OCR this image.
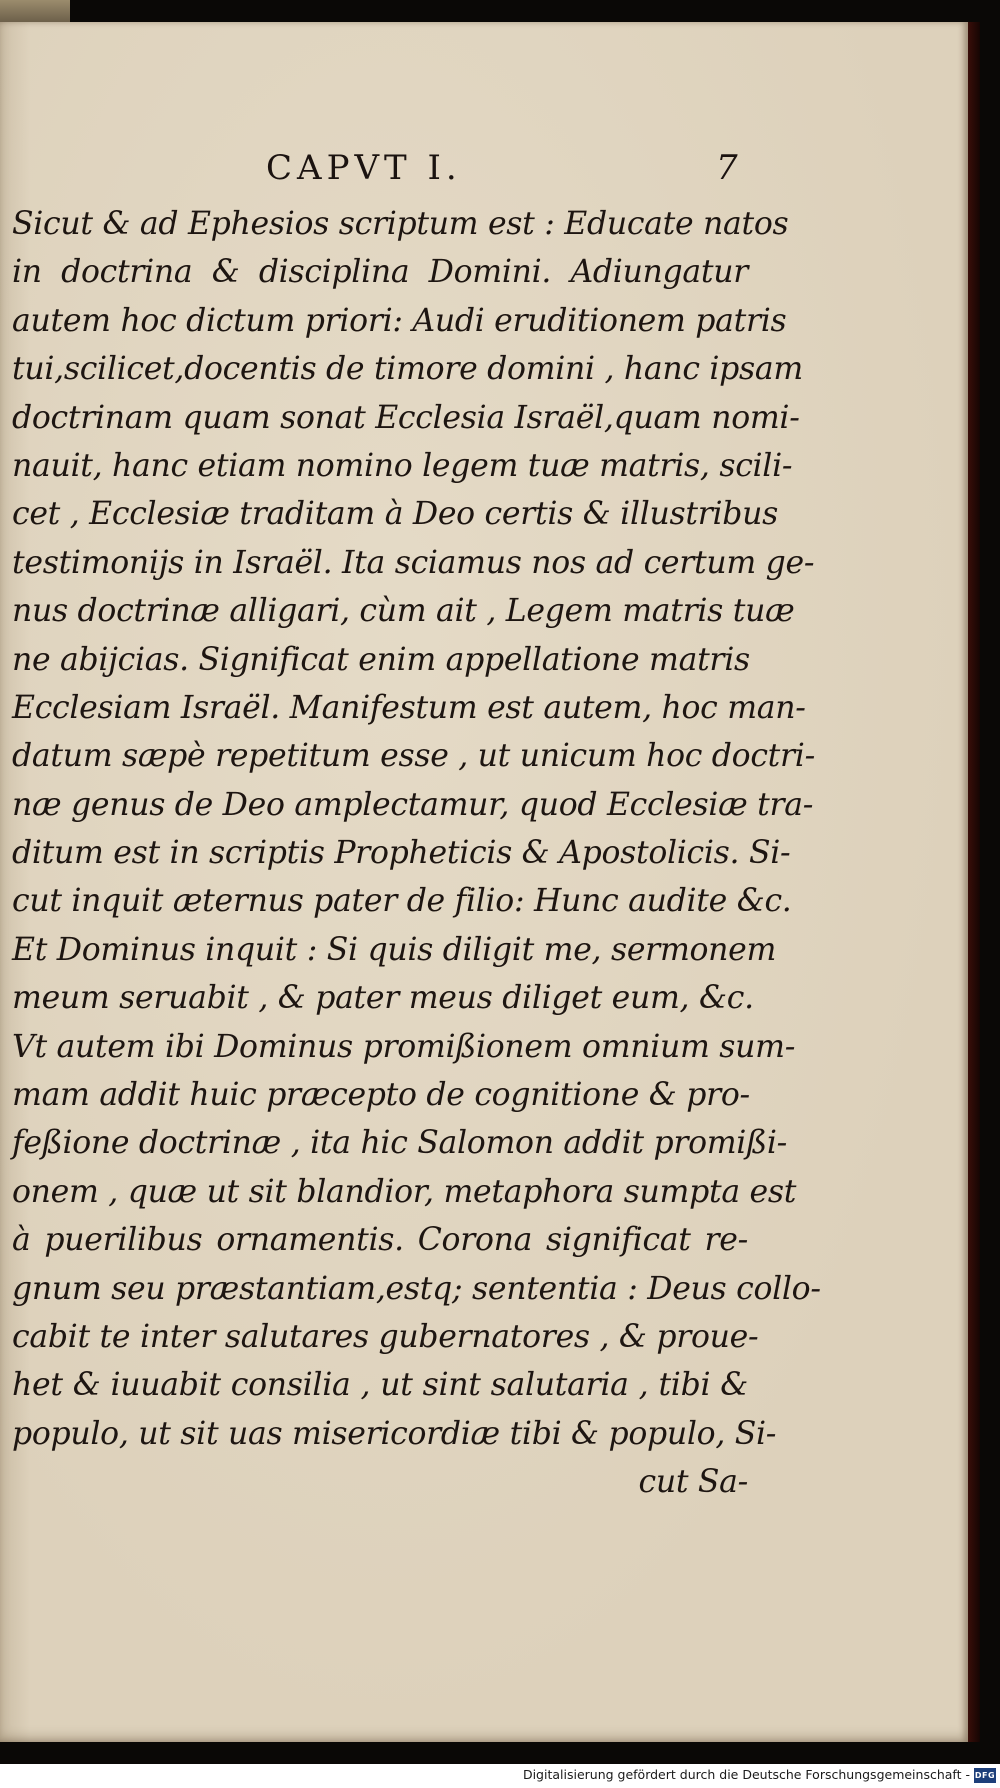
CAPVT I.	7
Sicut & ad Ephesios scriptum est : Educate natos
in doctrina & disciplina Domini. Adiungatur
autem hoc dictum priori: Audi eruditionem patris
tui,scilicet,docentis de timore domini , hanc ipsam
doctrinam quam sonat Ecclesia Israël,quam nomi-
nauit, hanc etiam nomino legem tuæ matris, scili-
cet , Ecclesiæ traditam à Deo certis & illustribus
testimonijs in Israël. Ita sciamus nos ad certum ge-
nus doctrinæ alligari, cùm ait , Legem matris tuæ
ne abijcias. Significat enim appellatione matris
Ecclesiam Israël. Manifestum est autem, hoc man-
datum sæpè repetitum esse , ut unicum hoc doctri-
næ genus de Deo amplectamur, quod Ecclesiæ tra-
ditum est in scriptis Propheticis & Apostolicis. Si-
cut inquit æternus pater de filio: Hunc audite &c.
Et Dominus inquit : Si quis diligit me, sermonem
meum seruabit , & pater meus diliget eum, &c.
Vt autem ibi Dominus promißionem omnium sum-
mam addit huic præcepto de cognitione & pro-
feßione doctrinæ , ita hic Salomon addit promißi-
onem , quæ ut sit blandior, metaphora sumpta est
à puerilibus ornamentis. Corona significat re-
gnum seu præstantiam,estq; sententia : Deus collo-
cabit te inter salutares gubernatores , & proue-
het & iuuabit consilia , ut sint salutaria , tibi &
populo, ut sit uas misericordiæ tibi & populo, Si-
cut Sa-
Digitalisierung gefördert durch die Deutsche Forschungsgemeinschaft - DFG
